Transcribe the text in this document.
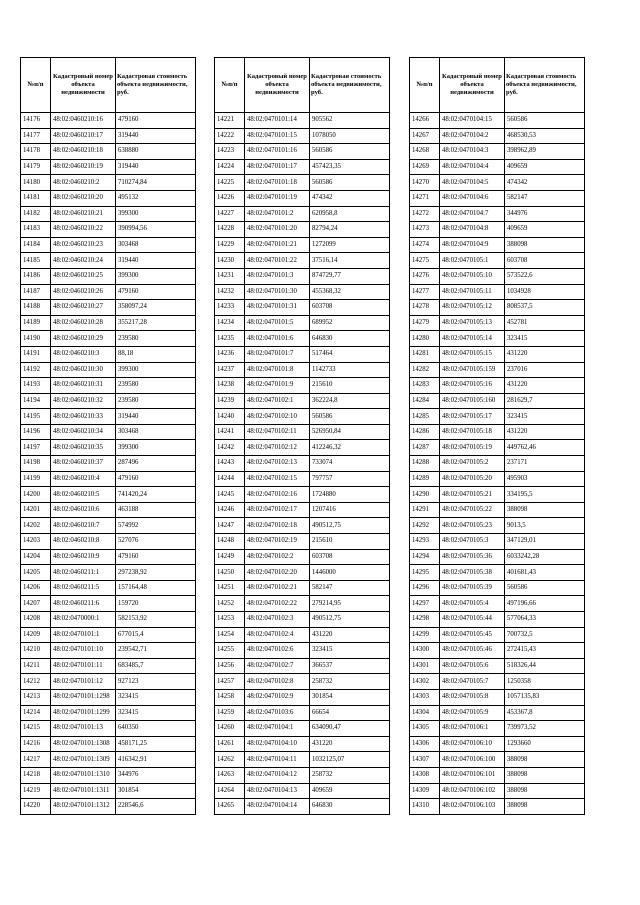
№п/п	Кадастровый номер объекта недвижимости	Кадастровая стоимость объекта недвижимости, руб.
14176	48:02:0460210:16	479160
14177	48:02:0460210:17	319440
14178	48:02:0460210:18	638880
14179	48:02:0460210:19	319440
14180	48:02:0460210:2	710274,84
14181	48:02:0460210:20	495132
14182	48:02:0460210:21	399300
14183	48:02:0460210:22	390994,56
14184	48:02:0460210:23	303468
14185	48:02:0460210:24	319440
14186	48:02:0460210:25	399300
14187	48:02:0460210:26	479160
14188	48:02:0460210:27	358097,24
14189	48:02:0460210:28	355217,28
14190	48:02:0460210:29	239580
14191	48:02:0460210:3	88,18
14192	48:02:0460210:30	399300
14193	48:02:0460210:31	239580
14194	48:02:0460210:32	239580
14195	48:02:0460210:33	319440
14196	48:02:0460210:34	303468
14197	48:02:0460210:35	399300
14198	48:02:0460210:37	287496
14199	48:02:0460210:4	479160
14200	48:02:0460210:5	741420,24
14201	48:02:0460210:6	463188
14202	48:02:0460210:7	574992
14203	48:02:0460210:8	527076
14204	48:02:0460210:9	479160
14205	48:02:0460211:1	297238,92
14206	48:02:0460211:5	157164,48
14207	48:02:0460211:6	159720
14208	48:02:0470000:1	582153,92
14209	48:02:0470101:1	677015,4
14210	48:02:0470101:10	239542,71
14211	48:02:0470101:11	683485,7
14212	48:02:0470101:12	927123
14213	48:02:0470101:1298	323415
14214	48:02:0470101:1299	323415
14215	48:02:0470101:13	640350
14216	48:02:0470101:1308	458171,25
14217	48:02:0470101:1309	416342,91
14218	48:02:0470101:1310	344976
14219	48:02:0470101:1311	301854
14220	48:02:0470101:1312	228546,6
№п/п	Кадастровый номер объекта недвижимости	Кадастровая стоимость объекта недвижимости, руб.
14221	48:02:0470101:14	905562
14222	48:02:0470101:15	1078050
14223	48:02:0470101:16	560586
14224	48:02:0470101:17	457423,35
14225	48:02:0470101:18	560586
14226	48:02:0470101:19	474342
14227	48:02:0470101:2	620958,8
14228	48:02:0470101:20	82794,24
14229	48:02:0470101:21	1272099
14230	48:02:0470101:22	37516,14
14231	48:02:0470101:3	874729,77
14232	48:02:0470101:30	455368,32
14233	48:02:0470101:31	603708
14234	48:02:0470101:5	689952
14235	48:02:0470101:6	646830
14236	48:02:0470101:7	517464
14237	48:02:0470101:8	1142733
14238	48:02:0470101:9	215610
14239	48:02:0470102:1	362224,8
14240	48:02:0470102:10	560586
14241	48:02:0470102:11	526950,84
14242	48:02:0470102:12	412246,32
14243	48:02:0470102:13	733074
14244	48:02:0470102:15	797757
14245	48:02:0470102:16	1724880
14246	48:02:0470102:17	1207416
14247	48:02:0470102:18	490512,75
14248	48:02:0470102:19	215610
14249	48:02:0470102:2	603708
14250	48:02:0470102:20	1446000
14251	48:02:0470102:21	582147
14252	48:02:0470102:22	279214,95
14253	48:02:0470102:3	490512,75
14254	48:02:0470102:4	431220
14255	48:02:0470102:6	323415
14256	48:02:0470102:7	366537
14257	48:02:0470102:8	258732
14258	48:02:0470102:9	301854
14259	48:02:0470103:6	66654
14260	48:02:0470104:1	634090,47
14261	48:02:0470104:10	431220
14262	48:02:0470104:11	1032125,07
14263	48:02:0470104:12	258732
14264	48:02:0470104:13	409659
14265	48:02:0470104:14	646830
№п/п	Кадастровый номер объекта недвижимости	Кадастровая стоимость объекта недвижимости, руб.
14266	48:02:0470104:15	560586
14267	48:02:0470104:2	468530,53
14268	48:02:0470104:3	398962,89
14269	48:02:0470104:4	409659
14270	48:02:0470104:5	474342
14271	48:02:0470104:6	582147
14272	48:02:0470104:7	344976
14273	48:02:0470104:8	409659
14274	48:02:0470104:9	388098
14275	48:02:0470105:1	603708
14276	48:02:0470105:10	573522,6
14277	48:02:0470105:11	1034928
14278	48:02:0470105:12	808537,5
14279	48:02:0470105:13	452781
14280	48:02:0470105:14	323415
14281	48:02:0470105:15	431220
14282	48:02:0470105:159	237016
14283	48:02:0470105:16	431220
14284	48:02:0470105:160	281629,7
14285	48:02:0470105:17	323415
14286	48:02:0470105:18	431220
14287	48:02:0470105:19	449762,46
14288	48:02:0470105:2	237171
14289	48:02:0470105:20	495903
14290	48:02:0470105:21	334195,5
14291	48:02:0470105:22	388098
14292	48:02:0470105:23	9013,5
14293	48:02:0470105:3	347129,01
14294	48:02:0470105:36	6033242,28
14295	48:02:0470105:38	401681,43
14296	48:02:0470105:39	560586
14297	48:02:0470105:4	497196,66
14298	48:02:0470105:44	577064,33
14299	48:02:0470105:45	700732,5
14300	48:02:0470105:46	272415,43
14301	48:02:0470105:6	518326,44
14302	48:02:0470105:7	1250358
14303	48:02:0470105:8	1057135,83
14304	48:02:0470105:9	453367,8
14305	48:02:0470106:1	739973,52
14306	48:02:0470106:10	1293660
14307	48:02:0470106:100	388098
14308	48:02:0470106:101	388098
14309	48:02:0470106:102	388098
14310	48:02:0470106:103	388098
